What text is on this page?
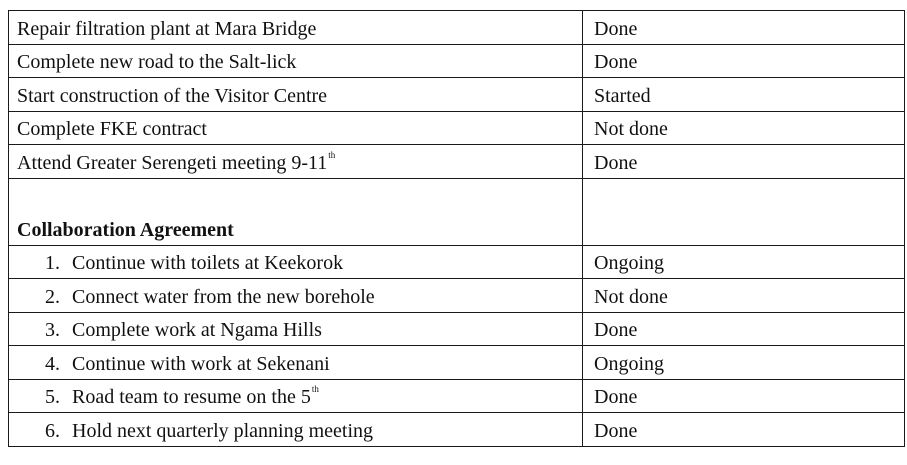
Repair filtration plant at Mara Bridge	Done
Complete new road to the Salt-lick	Done
Start construction of the Visitor Centre	Started
Complete FKE contract	Not done
Attend Greater Serengeti meeting 9-11th	Done
Collaboration Agreement	
1. Continue with toilets at Keekorok	Ongoing
2. Connect water from the new borehole	Not done
3. Complete work at Ngama Hills	Done
4. Continue with work at Sekenani	Ongoing
5. Road team to resume on the 5th	Done
6. Hold next quarterly planning meeting	Done
